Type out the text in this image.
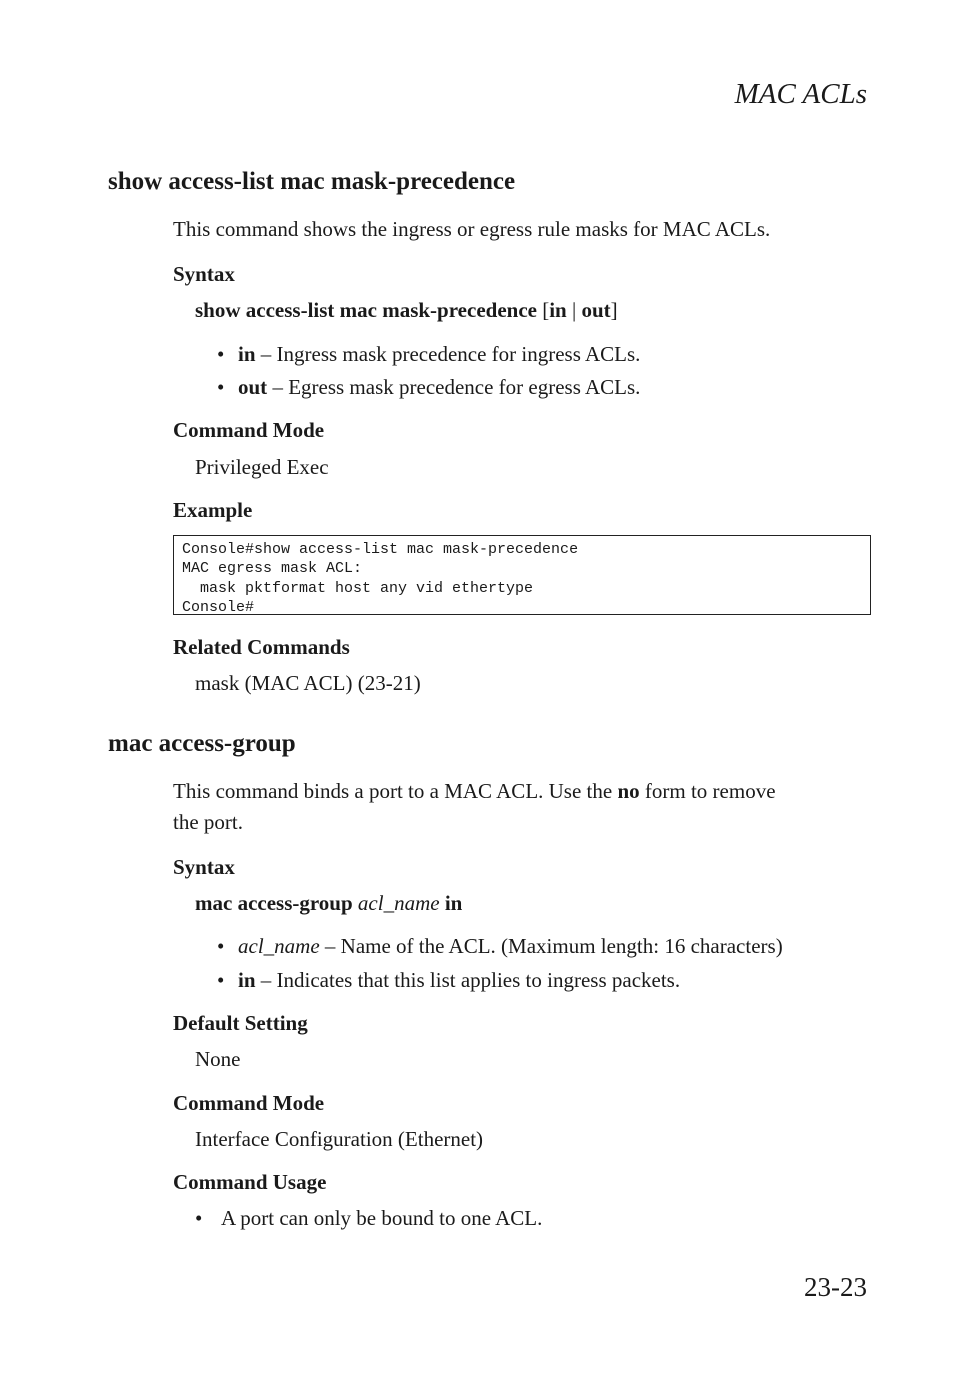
MAC ACLs
show access-list mac mask-precedence

This command shows the ingress or egress rule masks for MAC ACLs.

Syntax
show access-list mac mask-precedence [in | out]
• in – Ingress mask precedence for ingress ACLs.
• out – Egress mask precedence for egress ACLs.
Command Mode
Privileged Exec
Example
Console#show access-list mac mask-precedence
MAC egress mask ACL:
mask pktformat host any vid ethertype
Console#
Related Commands
mask (MAC ACL) (23-21)
mac access-group

This command binds a port to a MAC ACL. Use the no form to remove
the port.

Syntax
mac access-group acl_name in
• acl_name – Name of the ACL. (Maximum length: 16 characters)
• in – Indicates that this list applies to ingress packets.
Default Setting
None
Command Mode
Interface Configuration (Ethernet)
Command Usage
• A port can only be bound to one ACL.
23-23
